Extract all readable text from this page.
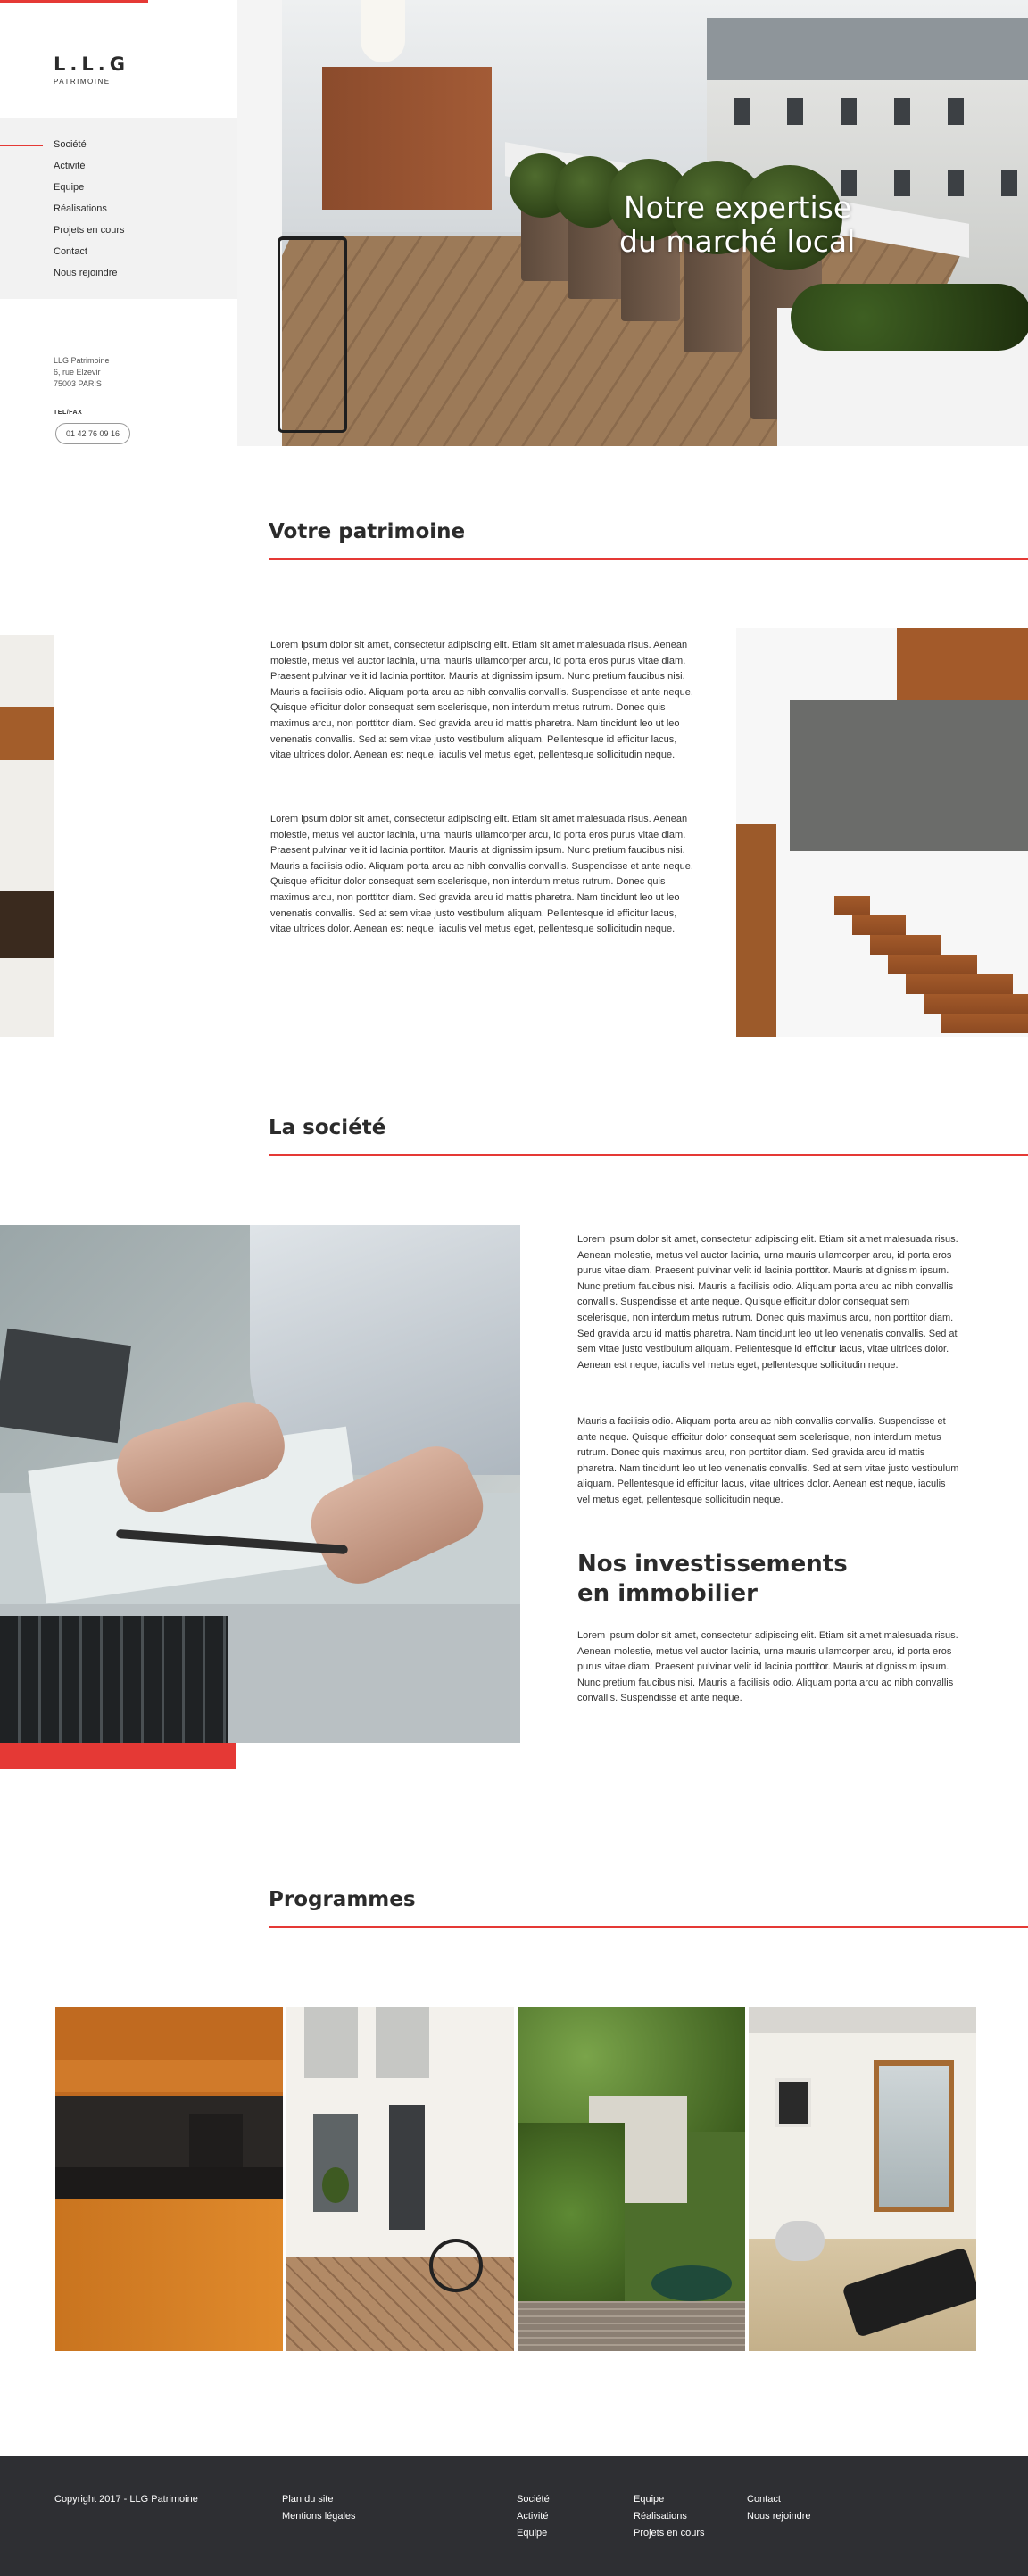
L.L.G
PATRIMOINE
Société
Activité
Equipe
Réalisations
Projets en cours
Contact
Nous rejoindre
LLG Patrimoine
6, rue Elzevir
75003 PARIS
TEL/FAX
01 42 76 09 16
Notre expertise
du marché local
Votre patrimoine
Lorem ipsum dolor sit amet, consectetur adipiscing elit. Etiam sit amet malesuada risus. Aenean molestie, metus vel auctor lacinia, urna mauris ullamcorper arcu, id porta eros purus vitae diam. Praesent pulvinar velit id lacinia porttitor. Mauris at dignissim ipsum. Nunc pretium faucibus nisi. Mauris a facilisis odio. Aliquam porta arcu ac nibh convallis convallis. Suspendisse et ante neque. Quisque efficitur dolor consequat sem scelerisque, non interdum metus rutrum. Donec quis maximus arcu, non porttitor diam. Sed gravida arcu id mattis pharetra. Nam tincidunt leo ut leo venenatis convallis. Sed at sem vitae justo vestibulum aliquam. Pellentesque id efficitur lacus, vitae ultrices dolor. Aenean est neque, iaculis vel metus eget, pellentesque sollicitudin neque.
Lorem ipsum dolor sit amet, consectetur adipiscing elit. Etiam sit amet malesuada risus. Aenean molestie, metus vel auctor lacinia, urna mauris ullamcorper arcu, id porta eros purus vitae diam. Praesent pulvinar velit id lacinia porttitor. Mauris at dignissim ipsum. Nunc pretium faucibus nisi. Mauris a facilisis odio. Aliquam porta arcu ac nibh convallis convallis. Suspendisse et ante neque. Quisque efficitur dolor consequat sem scelerisque, non interdum metus rutrum. Donec quis maximus arcu, non porttitor diam. Sed gravida arcu id mattis pharetra. Nam tincidunt leo ut leo venenatis convallis. Sed at sem vitae justo vestibulum aliquam. Pellentesque id efficitur lacus, vitae ultrices dolor. Aenean est neque, iaculis vel metus eget, pellentesque sollicitudin neque.
La société
Lorem ipsum dolor sit amet, consectetur adipiscing elit. Etiam sit amet malesuada risus. Aenean molestie, metus vel auctor lacinia, urna mauris ullamcorper arcu, id porta eros purus vitae diam. Praesent pulvinar velit id lacinia porttitor. Mauris at dignissim ipsum. Nunc pretium faucibus nisi. Mauris a facilisis odio. Aliquam porta arcu ac nibh convallis convallis. Suspendisse et ante neque. Quisque efficitur dolor consequat sem scelerisque, non interdum metus rutrum. Donec quis maximus arcu, non porttitor diam. Sed gravida arcu id mattis pharetra. Nam tincidunt leo ut leo venenatis convallis. Sed at sem vitae justo vestibulum aliquam. Pellentesque id efficitur lacus, vitae ultrices dolor. Aenean est neque, iaculis vel metus eget, pellentesque sollicitudin neque.
Mauris a facilisis odio. Aliquam porta arcu ac nibh convallis convallis. Suspendisse et ante neque. Quisque efficitur dolor consequat sem scelerisque, non interdum metus rutrum. Donec quis maximus arcu, non porttitor diam. Sed gravida arcu id mattis pharetra. Nam tincidunt leo ut leo venenatis convallis. Sed at sem vitae justo vestibulum aliquam. Pellentesque id efficitur lacus, vitae ultrices dolor. Aenean est neque, iaculis vel metus eget, pellentesque sollicitudin neque.
Nos investissements
en immobilier
Lorem ipsum dolor sit amet, consectetur adipiscing elit. Etiam sit amet malesuada risus. Aenean molestie, metus vel auctor lacinia, urna mauris ullamcorper arcu, id porta eros purus vitae diam. Praesent pulvinar velit id lacinia porttitor. Mauris at dignissim ipsum. Nunc pretium faucibus nisi. Mauris a facilisis odio. Aliquam porta arcu ac nibh convallis convallis. Suspendisse et ante neque.
Programmes
Copyright 2017 - LLG Patrimoine	Plan du site
Mentions légales
Société
Activité
Equipe
Equipe
Réalisations
Projets en cours
Contact
Nous rejoindre
